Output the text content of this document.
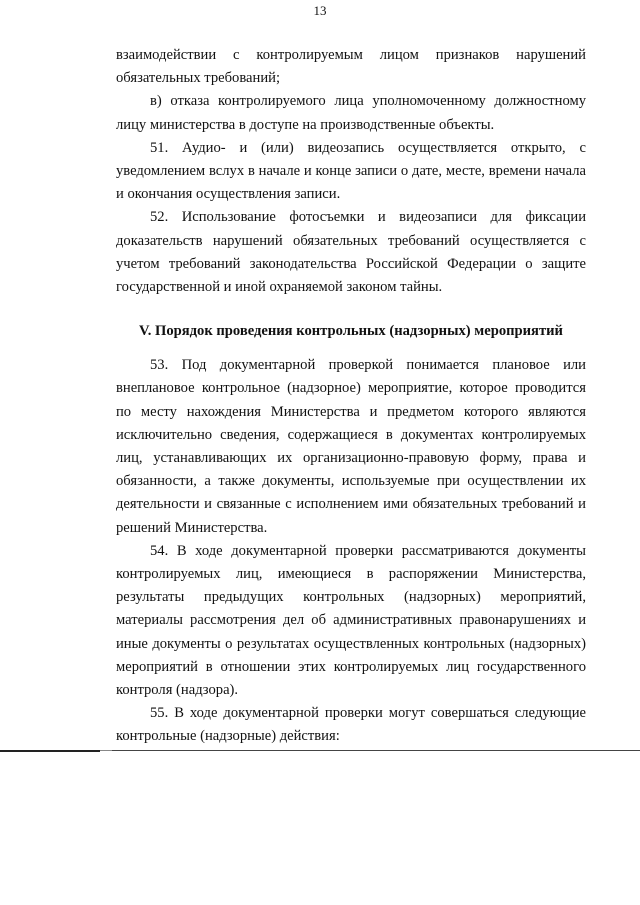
13

взаимодействии с контролируемым лицом признаков нарушений обязательных требований;

в) отказа контролируемого лица уполномоченному должностному лицу министерства в доступе на производственные объекты.

51. Аудио- и (или) видеозапись осуществляется открыто, с уведомлением вслух в начале и конце записи о дате, месте, времени начала и окончания осуществления записи.

52. Использование фотосъемки и видеозаписи для фиксации доказательств нарушений обязательных требований осуществляется с учетом требований законодательства Российской Федерации о защите государственной и иной охраняемой законом тайны.

V. Порядок проведения контрольных (надзорных) мероприятий

53. Под документарной проверкой понимается плановое или внеплановое контрольное (надзорное) мероприятие, которое проводится по месту нахождения Министерства и предметом которого являются исключительно сведения, содержащиеся в документах контролируемых лиц, устанавливающих их организационно-правовую форму, права и обязанности, а также документы, используемые при осуществлении их деятельности и связанные с исполнением ими обязательных требований и решений Министерства.

54. В ходе документарной проверки рассматриваются документы контролируемых лиц, имеющиеся в распоряжении Министерства, результаты предыдущих контрольных (надзорных) мероприятий, материалы рассмотрения дел об административных правонарушениях и иные документы о результатах осуществленных контрольных (надзорных) мероприятий в отношении этих контролируемых лиц государственного контроля (надзора).

55. В ходе документарной проверки могут совершаться следующие контрольные (надзорные) действия:
